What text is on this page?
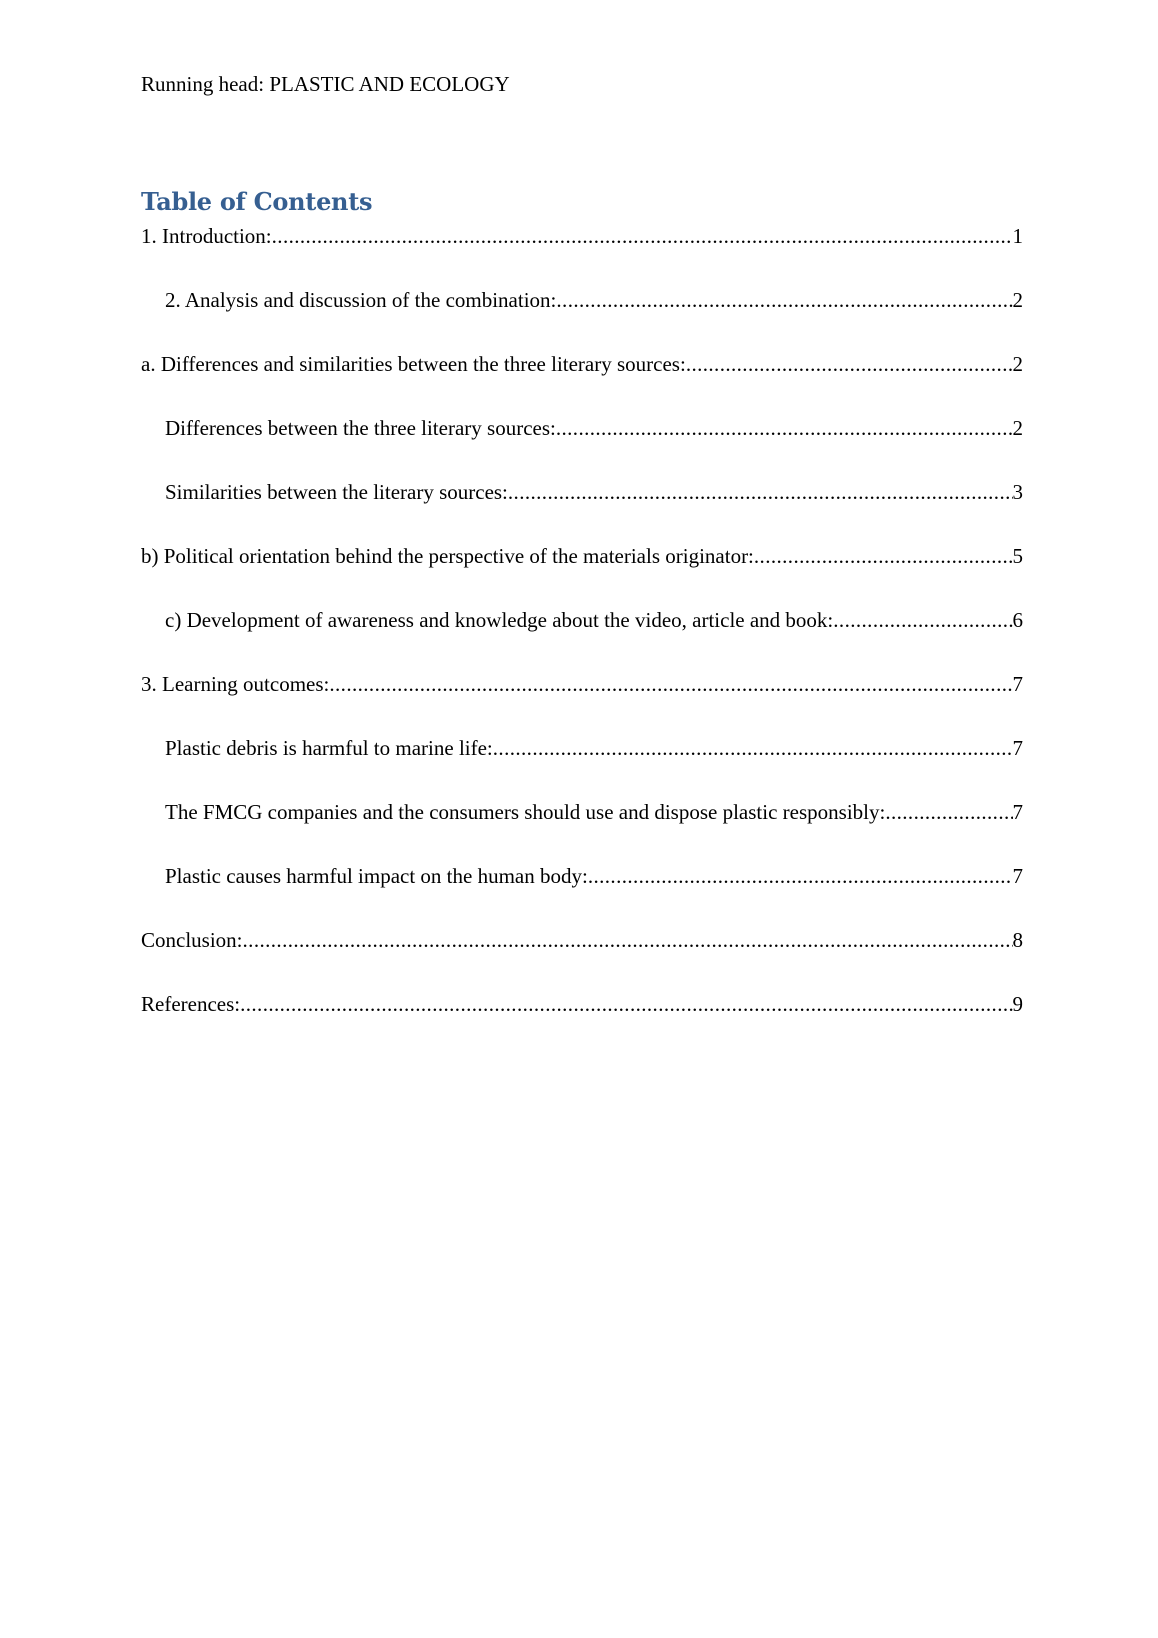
Running head: PLASTIC AND ECOLOGY
Table of Contents
1. Introduction: .....	1
2. Analysis and discussion of the combination: .....	2
a. Differences and similarities between the three literary sources: .....	2
Differences between the three literary sources: .....	2
Similarities between the literary sources: .....	3
b) Political orientation behind the perspective of the materials originator: .....	5
c) Development of awareness and knowledge about the video, article and book: .....	6
3. Learning outcomes: .....	7
Plastic debris is harmful to marine life: .....	7
The FMCG companies and the consumers should use and dispose plastic responsibly: .....	7
Plastic causes harmful impact on the human body: .....	7
Conclusion: .....	8
References: .....	9
